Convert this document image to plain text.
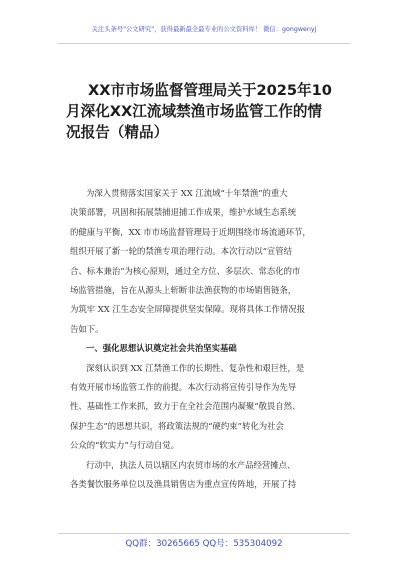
关注头条号"公文研究"，获得最新最全最专业的公文资料库！ 微信：gongwenyj
XX市市场监督管理局关于2025年10
月深化XX江流域禁渔市场监管工作的情
况报告（精品）
为深入贯彻落实国家关于 XX 江流域“十年禁渔”的重大
决策部署，巩固和拓展禁捕退捕工作成果，维护水域生态系统
的健康与平衡，XX 市市场监督管理局于近期围绕市场流通环节，
组织开展了新一轮的禁渔专项治理行动。本次行动以“宣管结
合、标本兼治”为核心原则，通过全方位、多层次、常态化的市
场监管措施，旨在从源头上斩断非法渔获物的市场销售链条，
为筑牢 XX 江生态安全屏障提供坚实保障。现将具体工作情况报
告如下。
一、强化思想认识奠定社会共治坚实基础
深刻认识到 XX 江禁渔工作的长期性、复杂性和艰巨性，是
有效开展市场监管工作的前提。本次行动将宣传引导作为先导
性、基础性工作来抓，致力于在全社会范围内凝聚“敬畏自然、
保护生态”的思想共识，将政策法规的“硬约束”转化为社会
公众的“软实力”与行动自觉。
行动中，执法人员以辖区内农贸市场的水产品经营摊点、
各类餐饮服务单位以及渔具销售店为重点宣传阵地，开展了持
QQ群：30265665 QQ号：535304092
